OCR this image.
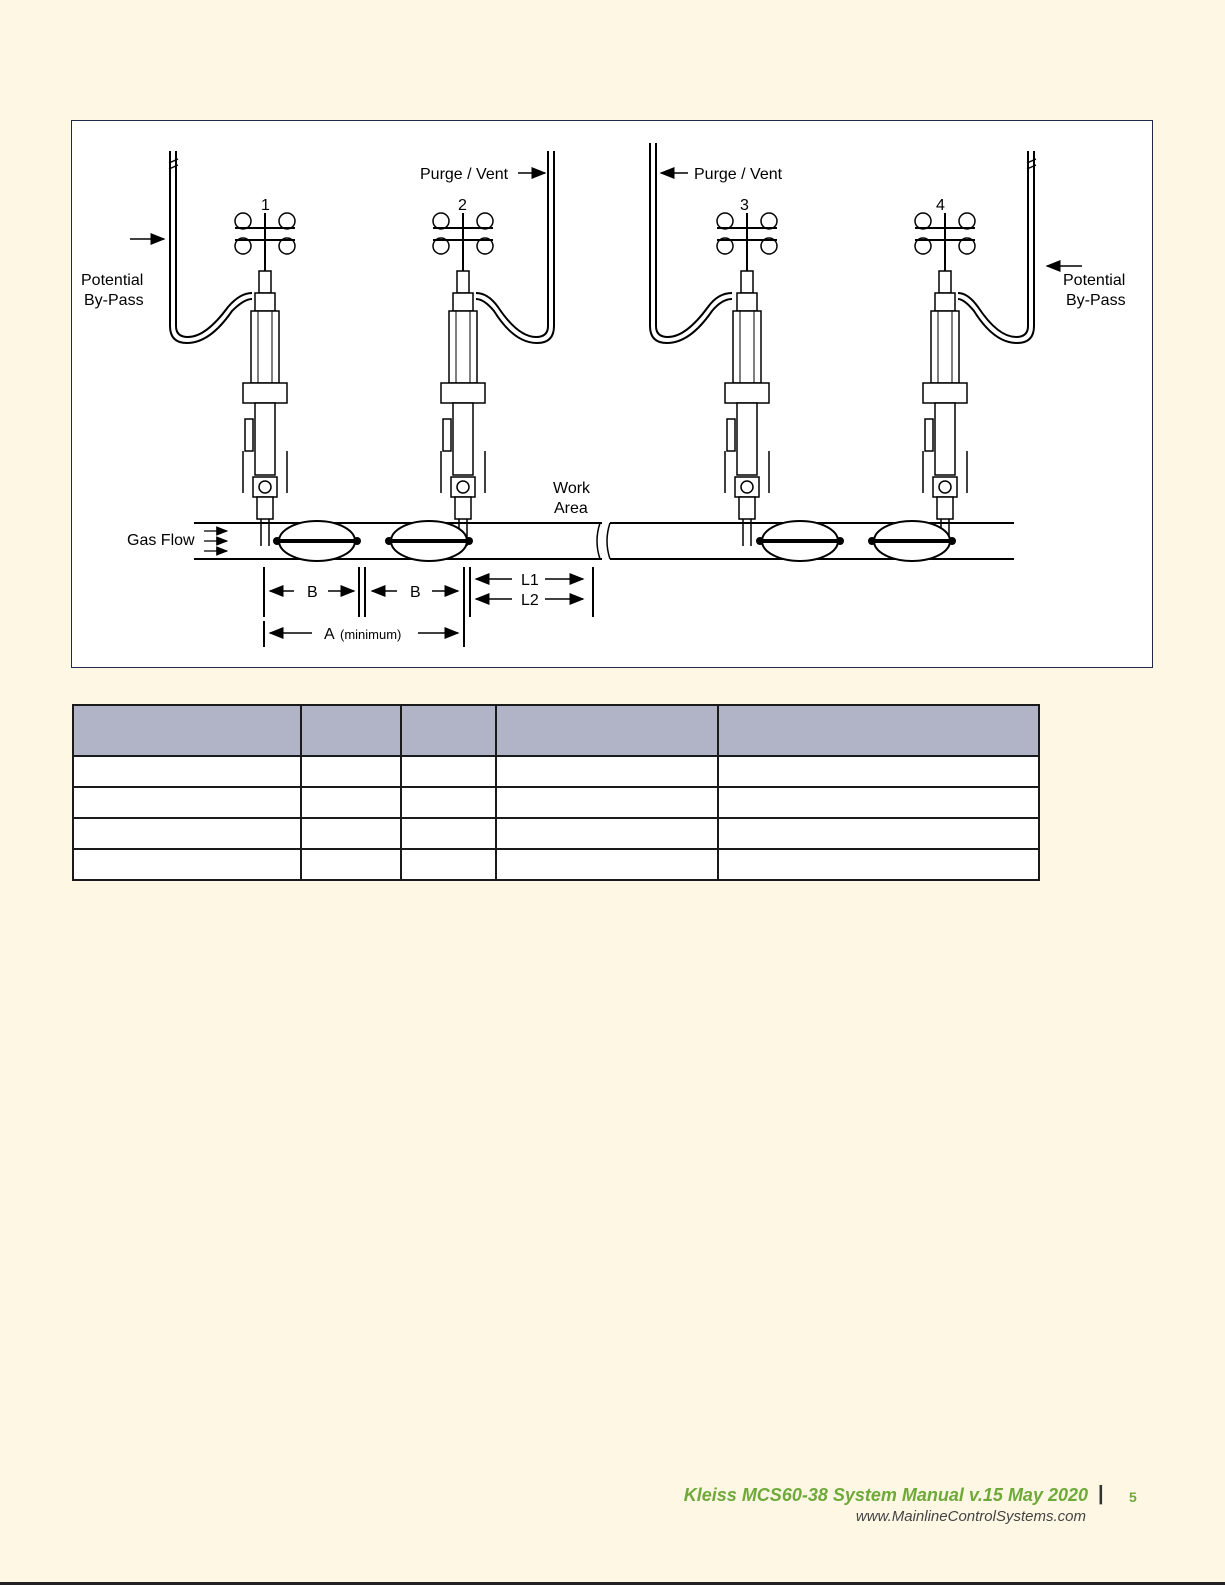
1	2	3	4
Purge / Vent	Purge / Vent
Potential
By-Pass
Potential
By-Pass
Work
Area
Gas Flow
B	B
L1
L2
A (minimum)

Kleiss MCS60-38 System Manual v.15 May 2020 | 5
www.MainlineControlSystems.com
